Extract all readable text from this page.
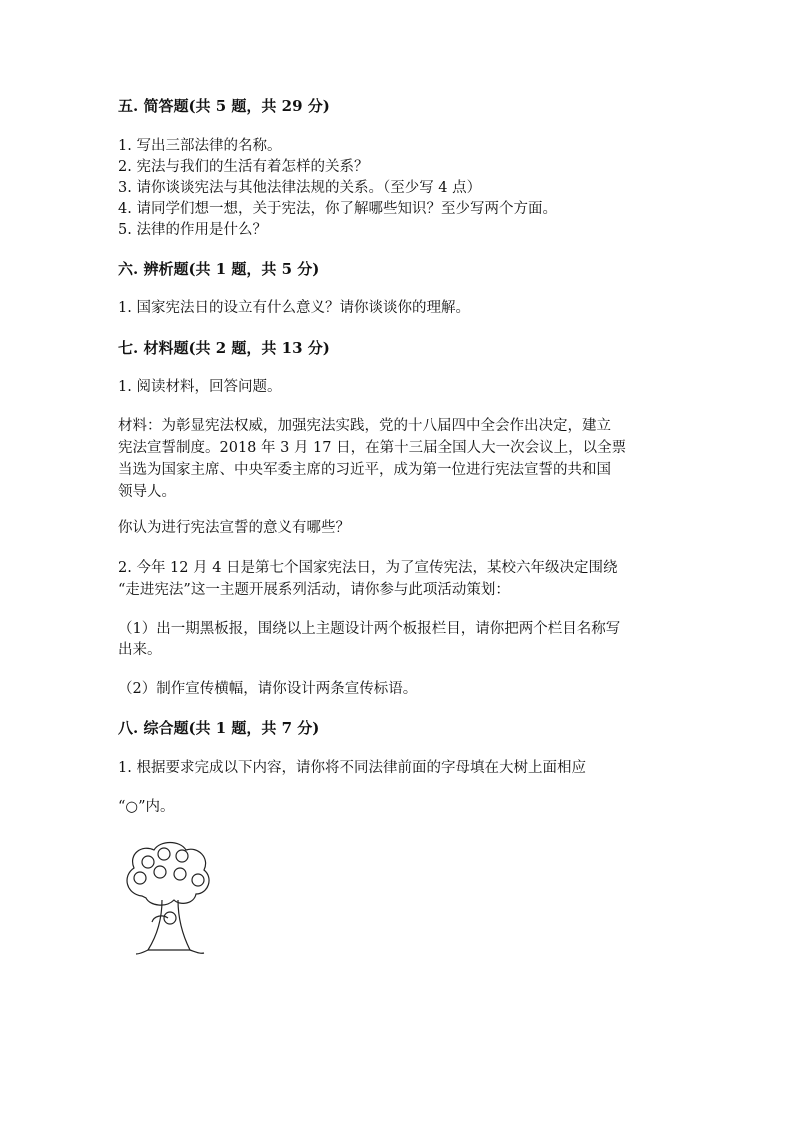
五. 简答题(共 5 题，共 29 分)
1. 写出三部法律的名称。
2. 宪法与我们的生活有着怎样的关系？
3. 请你谈谈宪法与其他法律法规的关系。（至少写 4 点）
4. 请同学们想一想，关于宪法，你了解哪些知识？至少写两个方面。
5. 法律的作用是什么？
六. 辨析题(共 1 题，共 5 分)
1. 国家宪法日的设立有什么意义？请你谈谈你的理解。
七. 材料题(共 2 题，共 13 分)
1. 阅读材料，回答问题。
材料：为彰显宪法权威，加强宪法实践，党的十八届四中全会作出决定，建立
宪法宣誓制度。2018 年 3 月 17 日，在第十三届全国人大一次会议上，以全票
当选为国家主席、中央军委主席的习近平，成为第一位进行宪法宣誓的共和国
领导人。
你认为进行宪法宣誓的意义有哪些？
2. 今年 12 月 4 日是第七个国家宪法日，为了宣传宪法，某校六年级决定围绕
“走进宪法”这一主题开展系列活动，请你参与此项活动策划：
（1）出一期黑板报，围绕以上主题设计两个板报栏目，请你把两个栏目名称写
出来。
（2）制作宣传横幅，请你设计两条宣传标语。
八. 综合题(共 1 题，共 7 分)
1. 根据要求完成以下内容，请你将不同法律前面的字母填在大树上面相应
“○”内。
